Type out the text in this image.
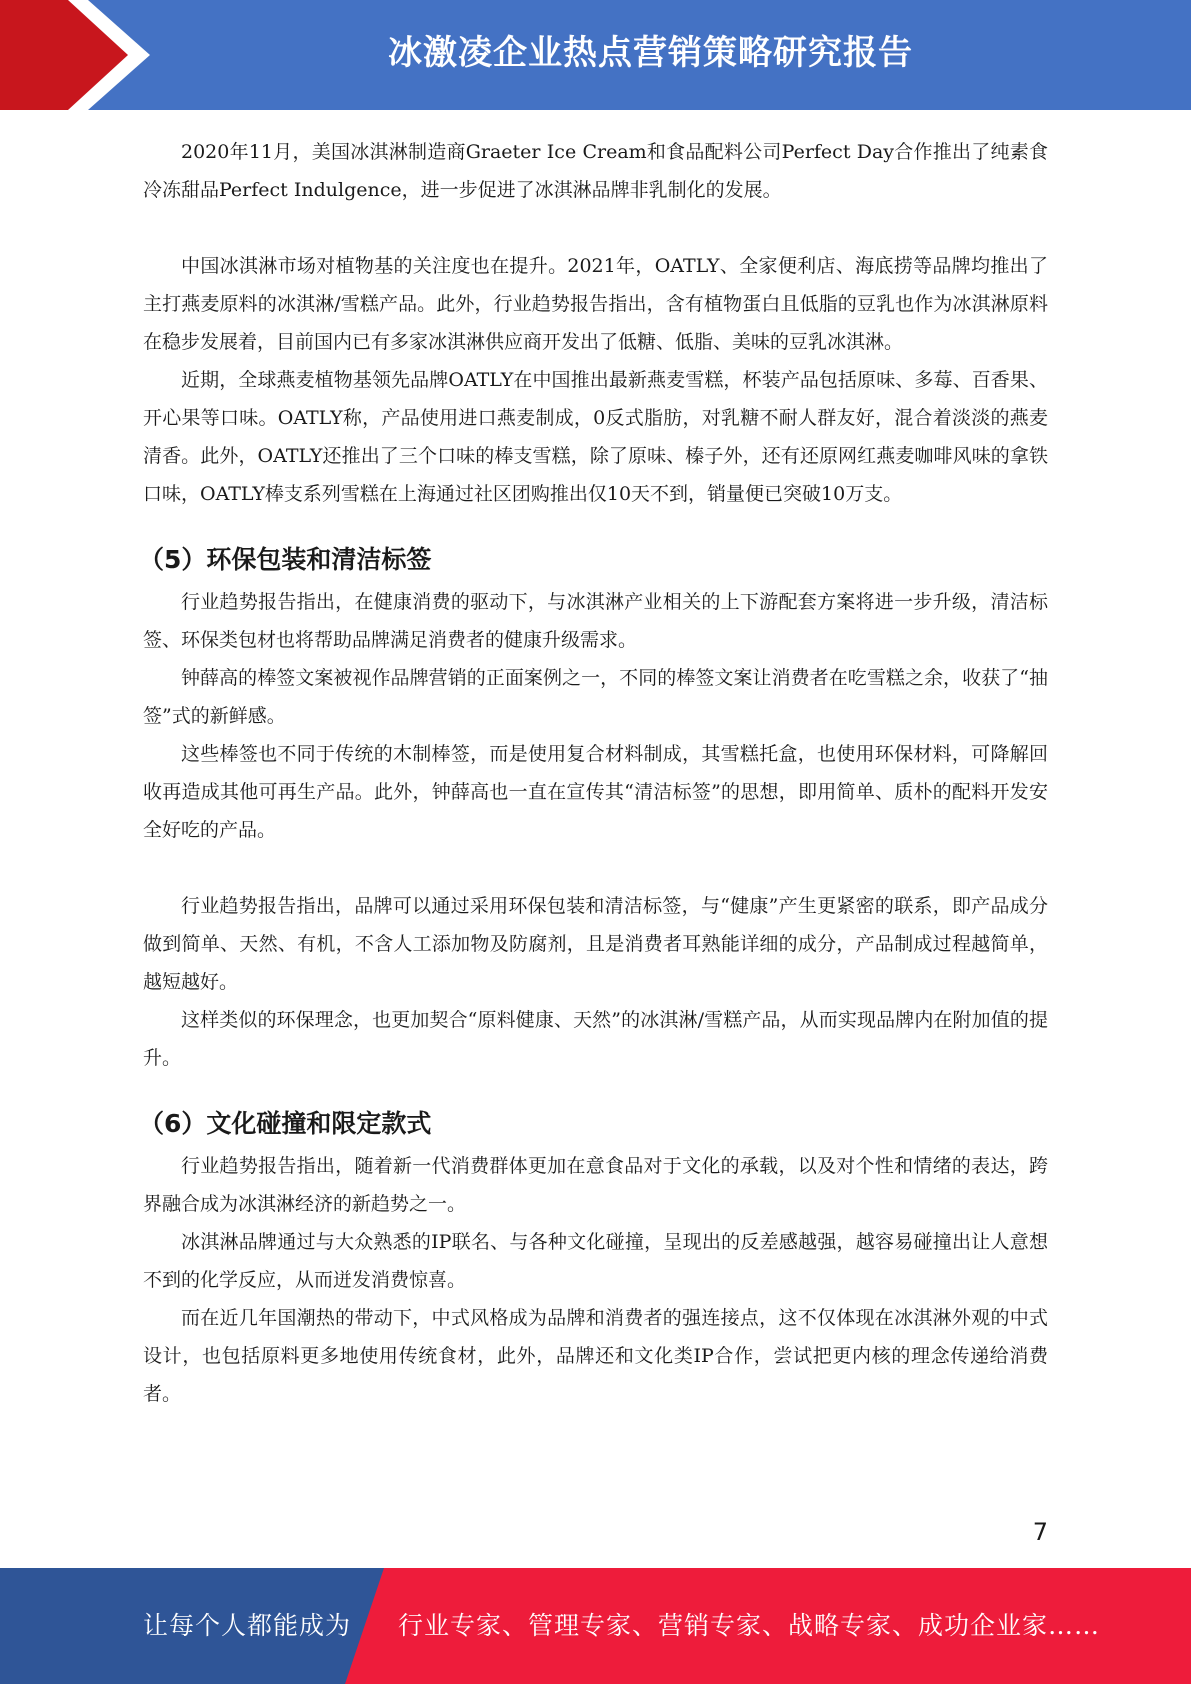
冰激凌企业热点营销策略研究报告

2020年11月，美国冰淇淋制造商Graeter Ice Cream和食品配料公司Perfect Day合作推出了纯素食冷冻甜品Perfect Indulgence，进一步促进了冰淇淋品牌非乳制化的发展。

中国冰淇淋市场对植物基的关注度也在提升。2021年，OATLY、全家便利店、海底捞等品牌均推出了主打燕麦原料的冰淇淋/雪糕产品。此外，行业趋势报告指出，含有植物蛋白且低脂的豆乳也作为冰淇淋原料在稳步发展着，目前国内已有多家冰淇淋供应商开发出了低糖、低脂、美味的豆乳冰淇淋。

近期，全球燕麦植物基领先品牌OATLY在中国推出最新燕麦雪糕，杯装产品包括原味、多莓、百香果、开心果等口味。OATLY称，产品使用进口燕麦制成，0反式脂肪，对乳糖不耐人群友好，混合着淡淡的燕麦清香。此外，OATLY还推出了三个口味的棒支雪糕，除了原味、榛子外，还有还原网红燕麦咖啡风味的拿铁口味，OATLY棒支系列雪糕在上海通过社区团购推出仅10天不到，销量便已突破10万支。

（5）环保包装和清洁标签

行业趋势报告指出，在健康消费的驱动下，与冰淇淋产业相关的上下游配套方案将进一步升级，清洁标签、环保类包材也将帮助品牌满足消费者的健康升级需求。

钟薛高的棒签文案被视作品牌营销的正面案例之一，不同的棒签文案让消费者在吃雪糕之余，收获了“抽签”式的新鲜感。

这些棒签也不同于传统的木制棒签，而是使用复合材料制成，其雪糕托盒，也使用环保材料，可降解回收再造成其他可再生产品。此外，钟薛高也一直在宣传其“清洁标签”的思想，即用简单、质朴的配料开发安全好吃的产品。

行业趋势报告指出，品牌可以通过采用环保包装和清洁标签，与“健康”产生更紧密的联系，即产品成分做到简单、天然、有机，不含人工添加物及防腐剂，且是消费者耳熟能详细的成分，产品制成过程越简单，越短越好。

这样类似的环保理念，也更加契合“原料健康、天然”的冰淇淋/雪糕产品，从而实现品牌内在附加值的提升。

（6）文化碰撞和限定款式

行业趋势报告指出，随着新一代消费群体更加在意食品对于文化的承载，以及对个性和情绪的表达，跨界融合成为冰淇淋经济的新趋势之一。

冰淇淋品牌通过与大众熟悉的IP联名、与各种文化碰撞，呈现出的反差感越强，越容易碰撞出让人意想不到的化学反应，从而迸发消费惊喜。

而在近几年国潮热的带动下，中式风格成为品牌和消费者的强连接点，这不仅体现在冰淇淋外观的中式设计，也包括原料更多地使用传统食材，此外，品牌还和文化类IP合作，尝试把更内核的理念传递给消费者。

7
让每个人都能成为 行业专家、管理专家、营销专家、战略专家、成功企业家……
